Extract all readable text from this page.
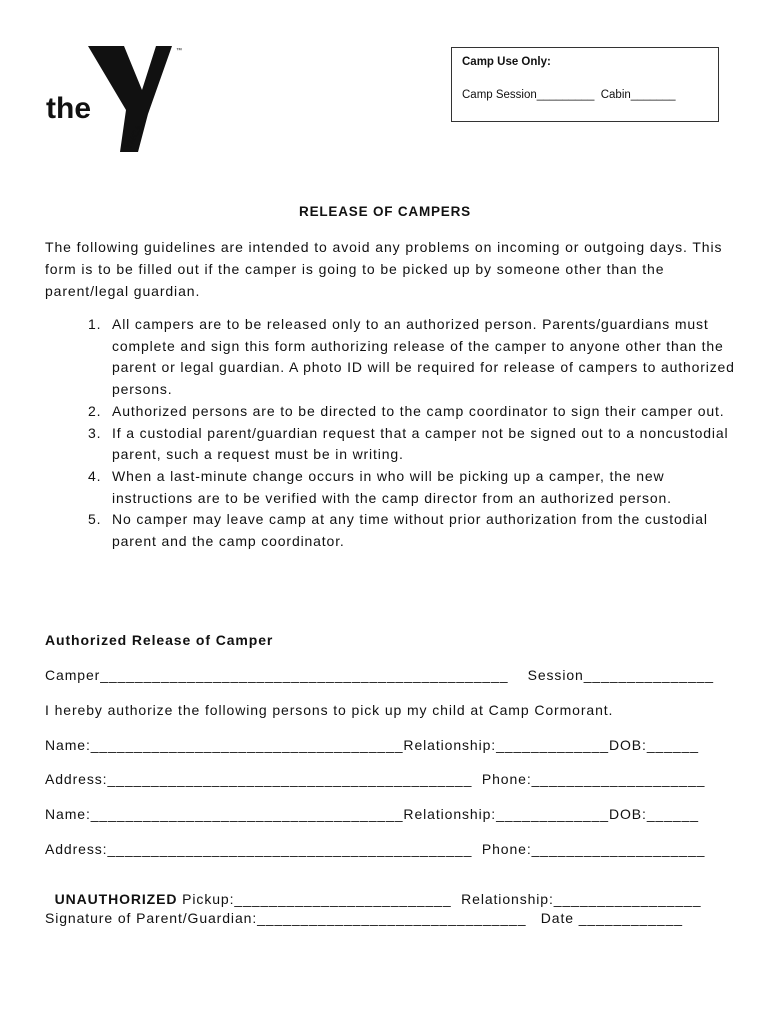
the
™
YMCA
Camp Use Only:
Camp Session_________  Cabin_______
RELEASE OF CAMPERS
The following guidelines are intended to avoid any problems on incoming or outgoing days. This form is to be filled out if the camper is going to be picked up by someone other than the parent/legal guardian.
1. All campers are to be released only to an authorized person. Parents/guardians must complete and sign this form authorizing release of the camper to anyone other than the parent or legal guardian. A photo ID will be required for release of campers to authorized persons.
2. Authorized persons are to be directed to the camp coordinator to sign their camper out.
3. If a custodial parent/guardian request that a camper not be signed out to a noncustodial parent, such a request must be in writing.
4. When a last-minute change occurs in who will be picking up a camper, the new instructions are to be verified with the camp director from an authorized person.
5. No camper may leave camp at any time without prior authorization from the custodial parent and the camp coordinator.
Authorized Release of Camper
Camper_______________________________________________    Session_______________
I hereby authorize the following persons to pick up my child at Camp Cormorant.
Name:____________________________________Relationship:_____________DOB:______
Address:__________________________________________  Phone:____________________
Name:____________________________________Relationship:_____________DOB:______
Address:__________________________________________  Phone:____________________

UNAUTHORIZED Pickup:_________________________  Relationship:_________________

Signature of Parent/Guardian:_______________________________   Date ____________
